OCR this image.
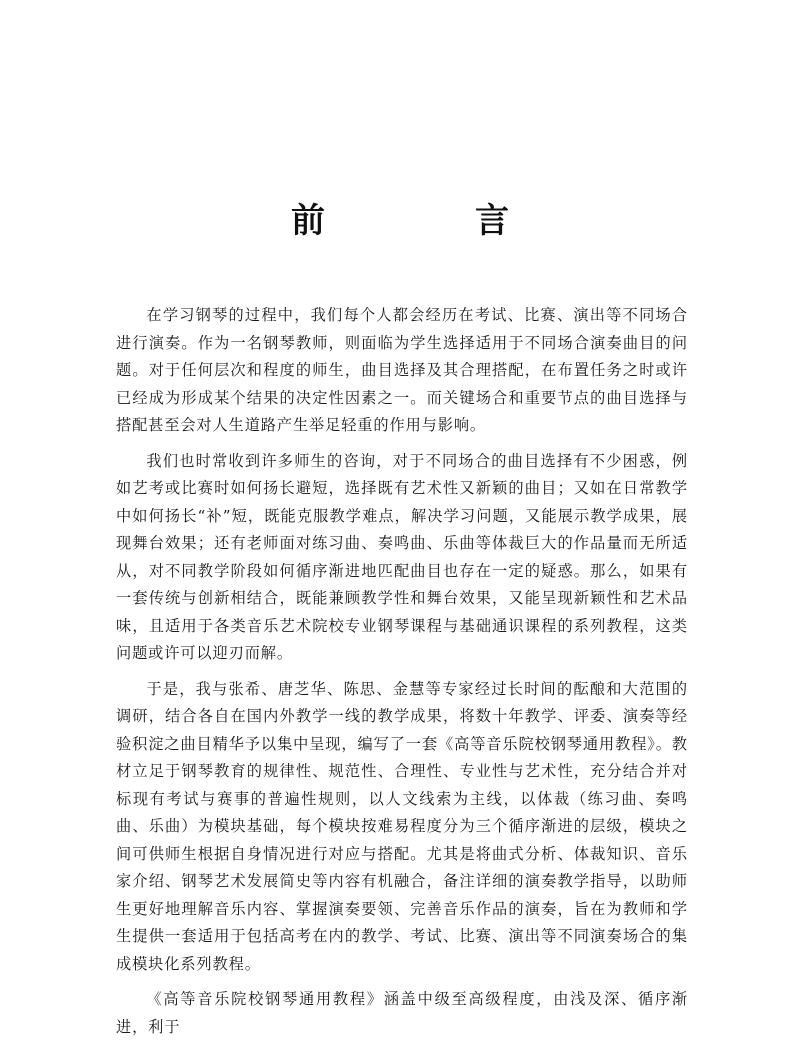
前　言

在学习钢琴的过程中，我们每个人都会经历在考试、比赛、演出等不同场合进行演奏。作为一名钢琴教师，则面临为学生选择适用于不同场合演奏曲目的问题。对于任何层次和程度的师生，曲目选择及其合理搭配，在布置任务之时或许已经成为形成某个结果的决定性因素之一。而关键场合和重要节点的曲目选择与搭配甚至会对人生道路产生举足轻重的作用与影响。

我们也时常收到许多师生的咨询，对于不同场合的曲目选择有不少困惑，例如艺考或比赛时如何扬长避短，选择既有艺术性又新颖的曲目；又如在日常教学中如何扬长“补”短，既能克服教学难点，解决学习问题，又能展示教学成果，展现舞台效果；还有老师面对练习曲、奏鸣曲、乐曲等体裁巨大的作品量而无所适从，对不同教学阶段如何循序渐进地匹配曲目也存在一定的疑惑。那么，如果有一套传统与创新相结合，既能兼顾教学性和舞台效果，又能呈现新颖性和艺术品味，且适用于各类音乐艺术院校专业钢琴课程与基础通识课程的系列教程，这类问题或许可以迎刃而解。

于是，我与张希、唐芝华、陈思、金慧等专家经过长时间的酝酿和大范围的调研，结合各自在国内外教学一线的教学成果，将数十年教学、评委、演奏等经验积淀之曲目精华予以集中呈现，编写了一套《高等音乐院校钢琴通用教程》。教材立足于钢琴教育的规律性、规范性、合理性、专业性与艺术性，充分结合并对标现有考试与赛事的普遍性规则，以人文线索为主线，以体裁（练习曲、奏鸣曲、乐曲）为模块基础，每个模块按难易程度分为三个循序渐进的层级，模块之间可供师生根据自身情况进行对应与搭配。尤其是将曲式分析、体裁知识、音乐家介绍、钢琴艺术发展简史等内容有机融合，备注详细的演奏教学指导，以助师生更好地理解音乐内容、掌握演奏要领、完善音乐作品的演奏，旨在为教师和学生提供一套适用于包括高考在内的教学、考试、比赛、演出等不同演奏场合的集成模块化系列教程。

《高等音乐院校钢琴通用教程》涵盖中级至高级程度，由浅及深、循序渐进，利于
